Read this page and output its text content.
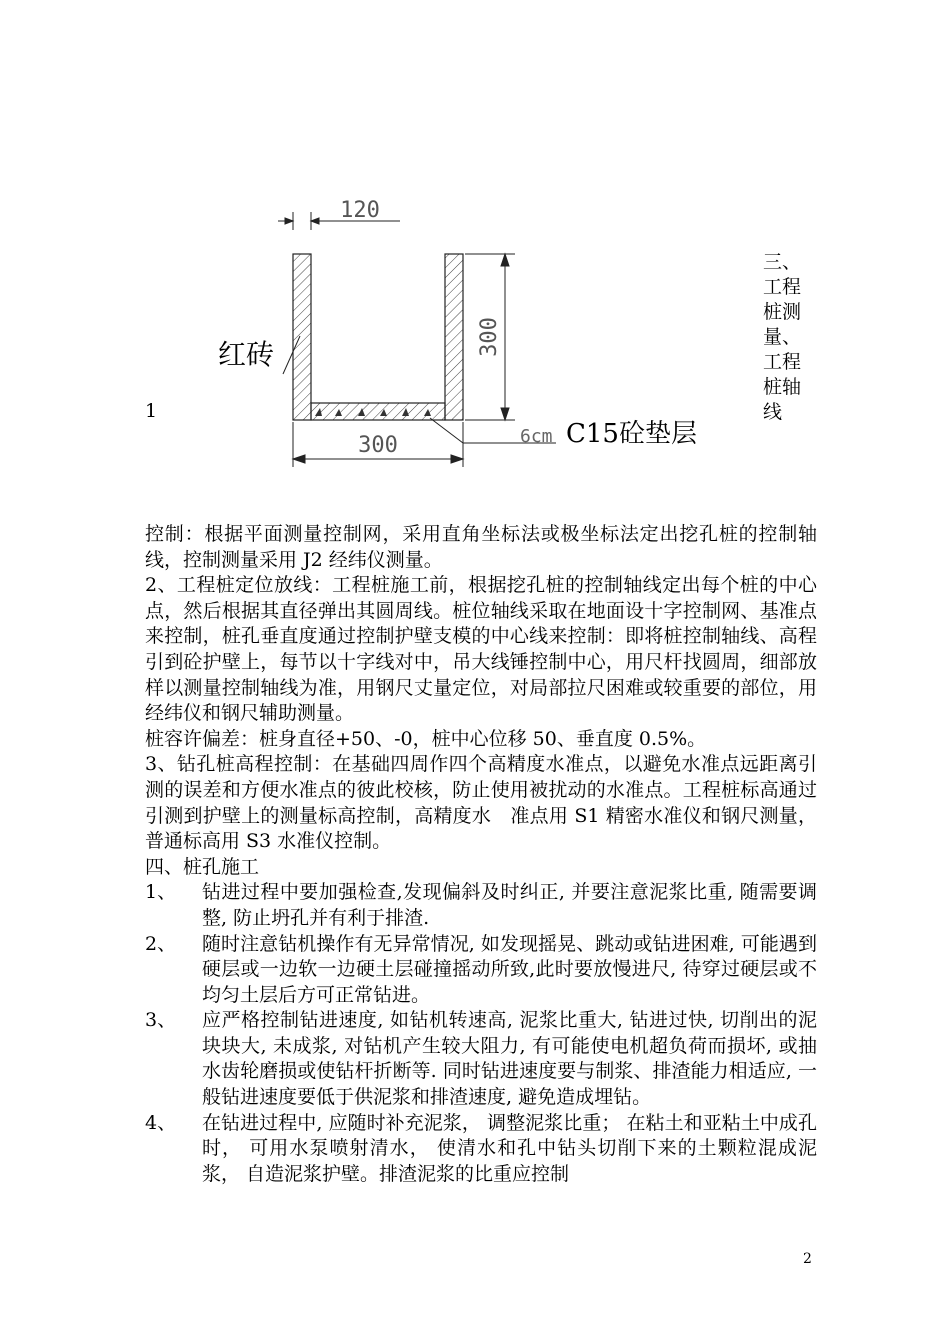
1
120
300
300
红砖
6cm C15砼垫层
三、工程桩测量、工程桩轴线

控制：根据平面测量控制网，采用直角坐标法或极坐标法定出挖孔桩的控制轴线，控制测量采用 J2 经纬仪测量。

2、工程桩定位放线：工程桩施工前，根据挖孔桩的控制轴线定出每个桩的中心点，然后根据其直径弹出其圆周线。桩位轴线采取在地面设十字控制网、基准点来控制，桩孔垂直度通过控制护壁支模的中心线来控制：即将桩控制轴线、高程引到砼护壁上，每节以十字线对中，吊大线锤控制中心，用尺杆找圆周，细部放样以测量控制轴线为准，用钢尺丈量定位，对局部拉尺困难或较重要的部位，用经纬仪和钢尺辅助测量。

桩容许偏差：桩身直径+50、-0，桩中心位移 50、垂直度 0.5%。

3、钻孔桩高程控制：在基础四周作四个高精度水准点，以避免水准点远距离引测的误差和方便水准点的彼此校核，防止使用被扰动的水准点。工程桩标高通过引测到护壁上的测量标高控制，高精度水　准点用 S1 精密水准仪和钢尺测量，普通标高用 S3 水准仪控制。

四、桩孔施工

1、	钻进过程中要加强检查,发现偏斜及时纠正, 并要注意泥浆比重, 随需要调整, 防止坍孔并有利于排渣.
2、	随时注意钻机操作有无异常情况, 如发现摇晃、跳动或钻进困难, 可能遇到硬层或一边软一边硬土层碰撞摇动所致,此时要放慢进尺, 待穿过硬层或不均匀土层后方可正常钻进。
3、	应严格控制钻进速度, 如钻机转速高, 泥浆比重大, 钻进过快, 切削出的泥块块大, 未成浆, 对钻机产生较大阻力, 有可能使电机超负荷而损坏, 或抽水齿轮磨损或使钻杆折断等. 同时钻进速度要与制浆、排渣能力相适应, 一般钻进速度要低于供泥浆和排渣速度, 避免造成埋钻。
4、	在钻进过程中, 应随时补充泥浆， 调整泥浆比重； 在粘土和亚粘土中成孔时， 可用水泵喷射清水， 使清水和孔中钻头切削下来的土颗粒混成泥浆， 自造泥浆护壁。排渣泥浆的比重应控制
2
